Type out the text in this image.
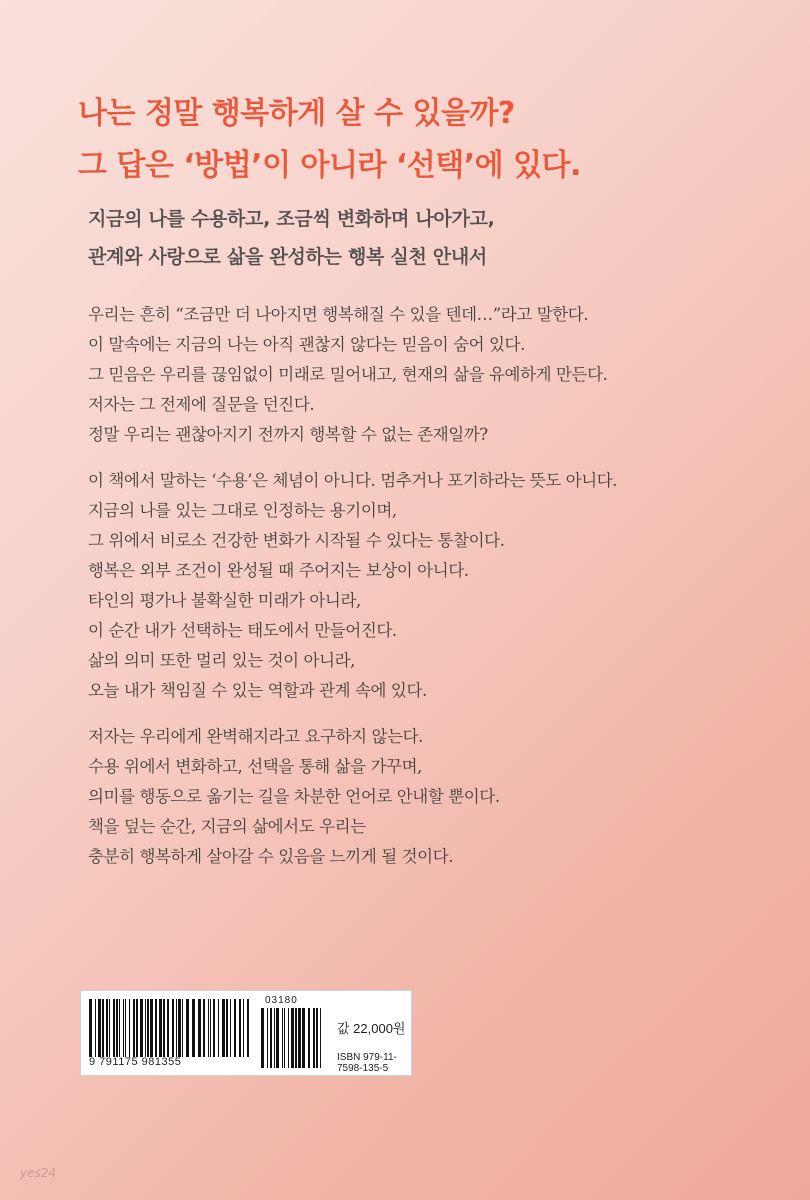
나는 정말 행복하게 살 수 있을까?
그 답은 ‘방법’이 아니라 ‘선택’에 있다.
지금의 나를 수용하고, 조금씩 변화하며 나아가고,
관계와 사랑으로 삶을 완성하는 행복 실천 안내서
우리는 흔히 “조금만 더 나아지면 행복해질 수 있을 텐데…”라고 말한다.
이 말속에는 지금의 나는 아직 괜찮지 않다는 믿음이 숨어 있다.
그 믿음은 우리를 끊임없이 미래로 밀어내고, 현재의 삶을 유예하게 만든다.
저자는 그 전제에 질문을 던진다.
정말 우리는 괜찮아지기 전까지 행복할 수 없는 존재일까?
이 책에서 말하는 ‘수용’은 체념이 아니다. 멈추거나 포기하라는 뜻도 아니다.
지금의 나를 있는 그대로 인정하는 용기이며,
그 위에서 비로소 건강한 변화가 시작될 수 있다는 통찰이다.
행복은 외부 조건이 완성될 때 주어지는 보상이 아니다.
타인의 평가나 불확실한 미래가 아니라,
이 순간 내가 선택하는 태도에서 만들어진다.
삶의 의미 또한 멀리 있는 것이 아니라,
오늘 내가 책임질 수 있는 역할과 관계 속에 있다.
저자는 우리에게 완벽해지라고 요구하지 않는다.
수용 위에서 변화하고, 선택을 통해 삶을 가꾸며,
의미를 행동으로 옮기는 길을 차분한 언어로 안내할 뿐이다.
책을 덮는 순간, 지금의 삶에서도 우리는
충분히 행복하게 살아갈 수 있음을 느끼게 될 것이다.
9 791175 981355
03180
값 22,000원
ISBN 979-11-7598-135-5
yes24
